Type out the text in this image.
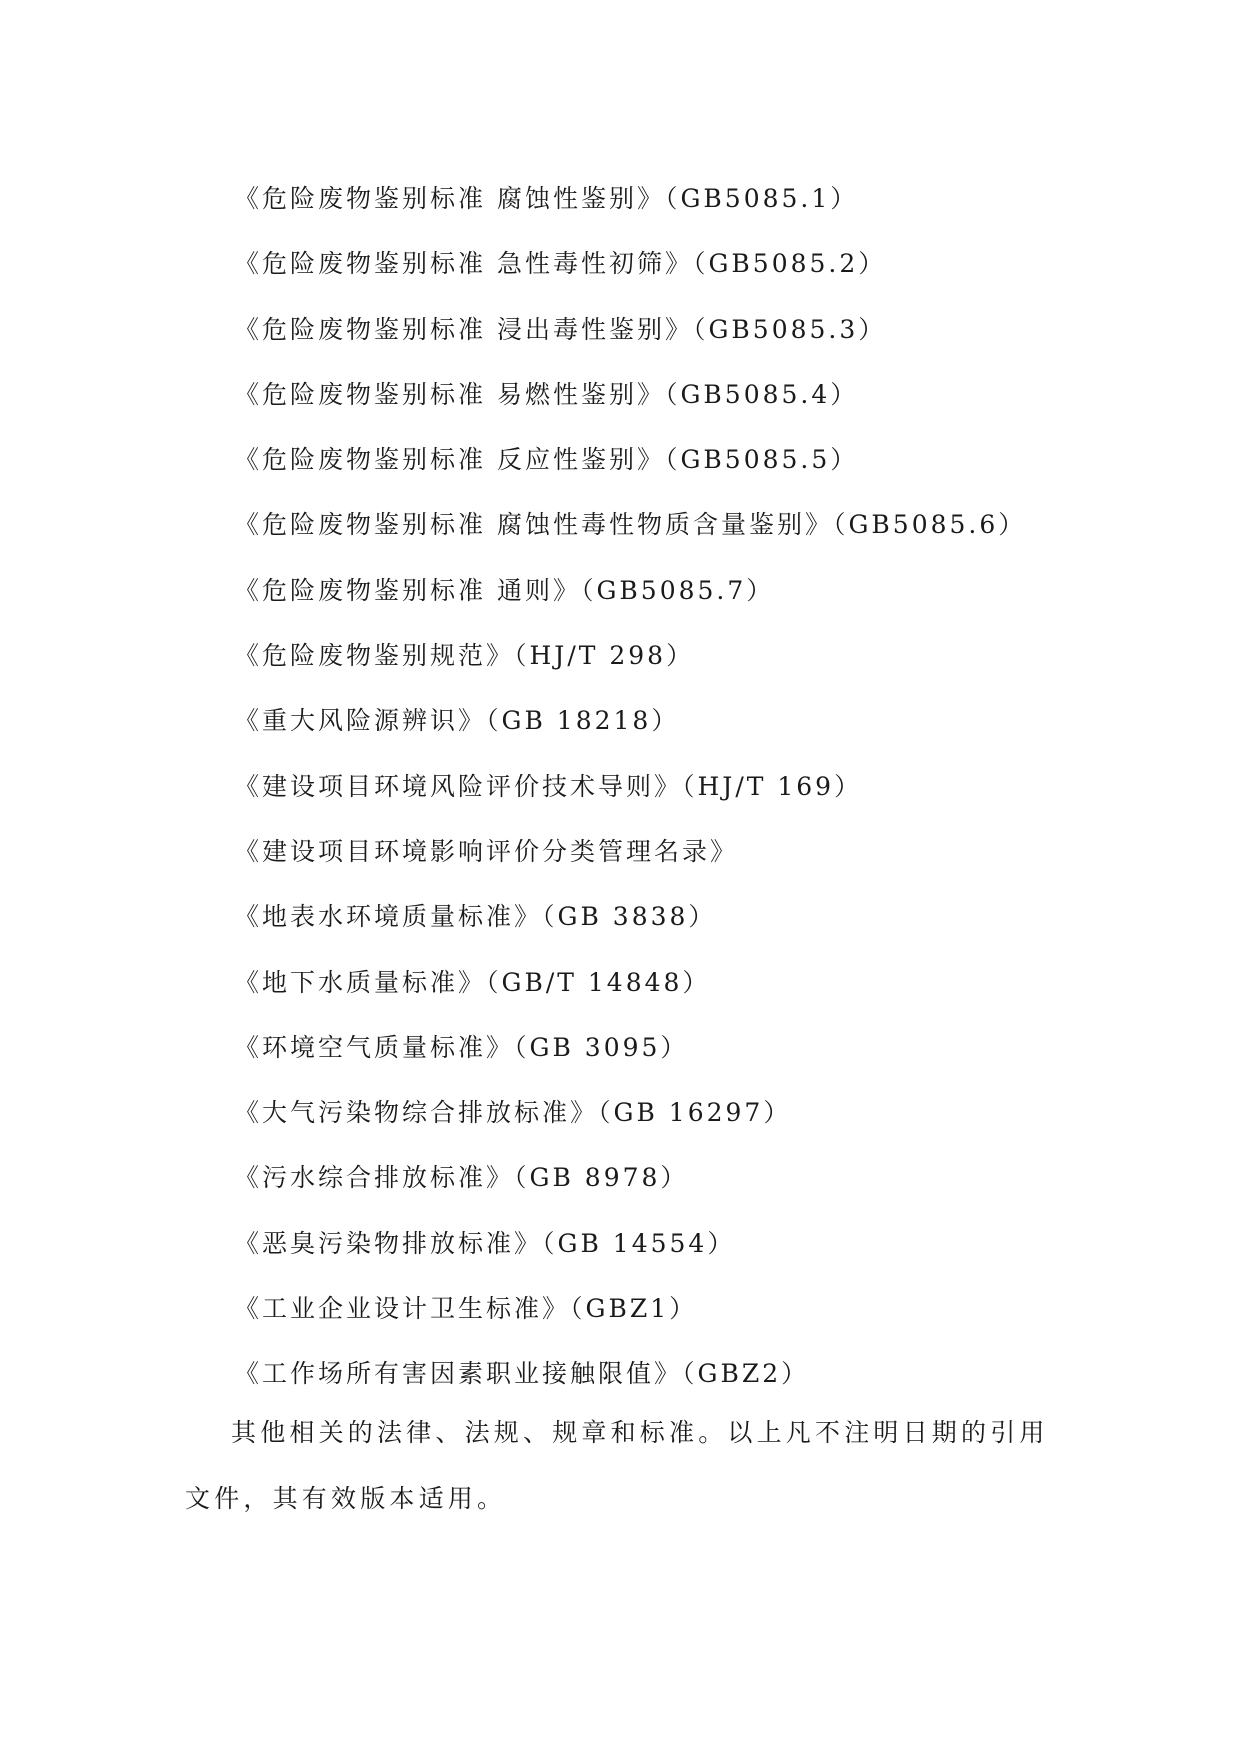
《危险废物鉴别标准 腐蚀性鉴别》（GB5085.1）
《危险废物鉴别标准 急性毒性初筛》（GB5085.2）
《危险废物鉴别标准 浸出毒性鉴别》（GB5085.3）
《危险废物鉴别标准 易燃性鉴别》（GB5085.4）
《危险废物鉴别标准 反应性鉴别》（GB5085.5）
《危险废物鉴别标准 腐蚀性毒性物质含量鉴别》（GB5085.6）
《危险废物鉴别标准 通则》（GB5085.7）
《危险废物鉴别规范》（HJ/T 298）
《重大风险源辨识》（GB 18218）
《建设项目环境风险评价技术导则》（HJ/T 169）
《建设项目环境影响评价分类管理名录》
《地表水环境质量标准》（GB 3838）
《地下水质量标准》（GB/T 14848）
《环境空气质量标准》（GB 3095）
《大气污染物综合排放标准》（GB 16297）
《污水综合排放标准》（GB 8978）
《恶臭污染物排放标准》（GB 14554）
《工业企业设计卫生标准》（GBZ1）
《工作场所有害因素职业接触限值》（GBZ2）
其他相关的法律、法规、规章和标准。以上凡不注明日期的引用
文件，其有效版本适用。
